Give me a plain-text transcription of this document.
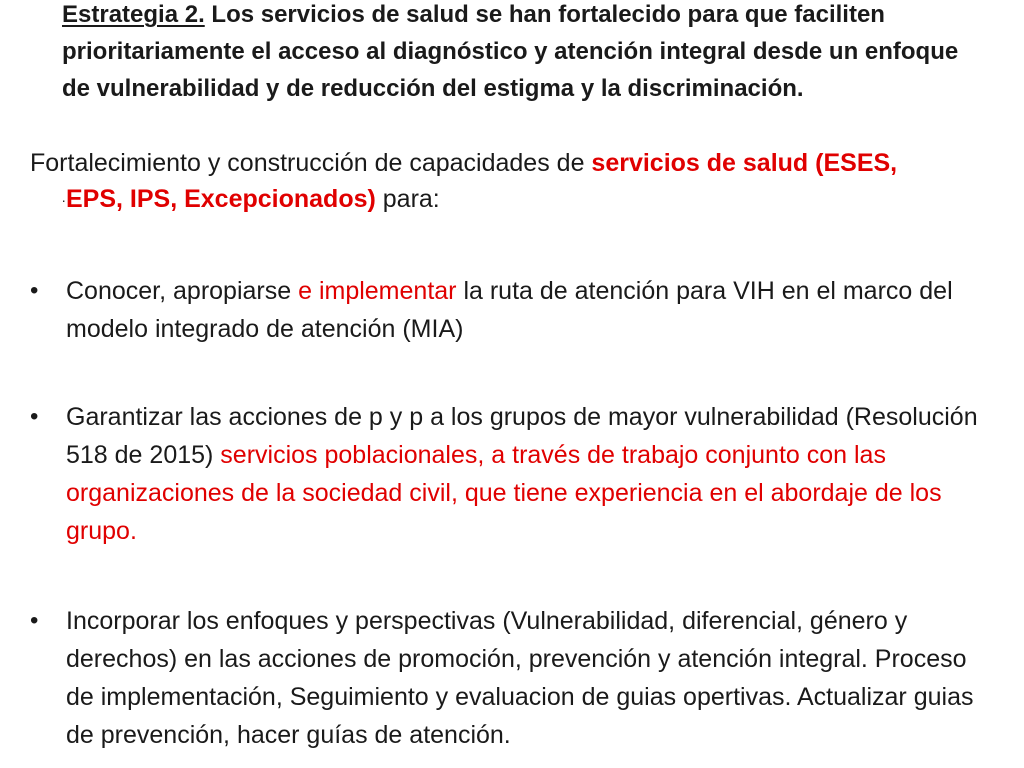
Estrategia 2. Los servicios de salud se han fortalecido para que faciliten prioritariamente el acceso al diagnóstico y atención integral desde un enfoque de vulnerabilidad y de reducción del estigma y la discriminación.
Fortalecimiento y construcción de capacidades de servicios de salud (ESES,
·EPS, IPS, Excepcionados) para:
•	Conocer, apropiarse e implementar la ruta de atención para VIH en el marco del modelo integrado de atención (MIA)
•	Garantizar las acciones de p y p a los grupos de mayor vulnerabilidad (Resolución 518 de 2015) servicios poblacionales, a través de trabajo conjunto con las organizaciones de la sociedad civil, que tiene experiencia en el abordaje de los grupo.
•	Incorporar los enfoques y perspectivas (Vulnerabilidad, diferencial, género y derechos) en las acciones de promoción, prevención y atención integral. Proceso de implementación, Seguimiento y evaluacion de guias opertivas. Actualizar guias de prevención, hacer guías de atención.
